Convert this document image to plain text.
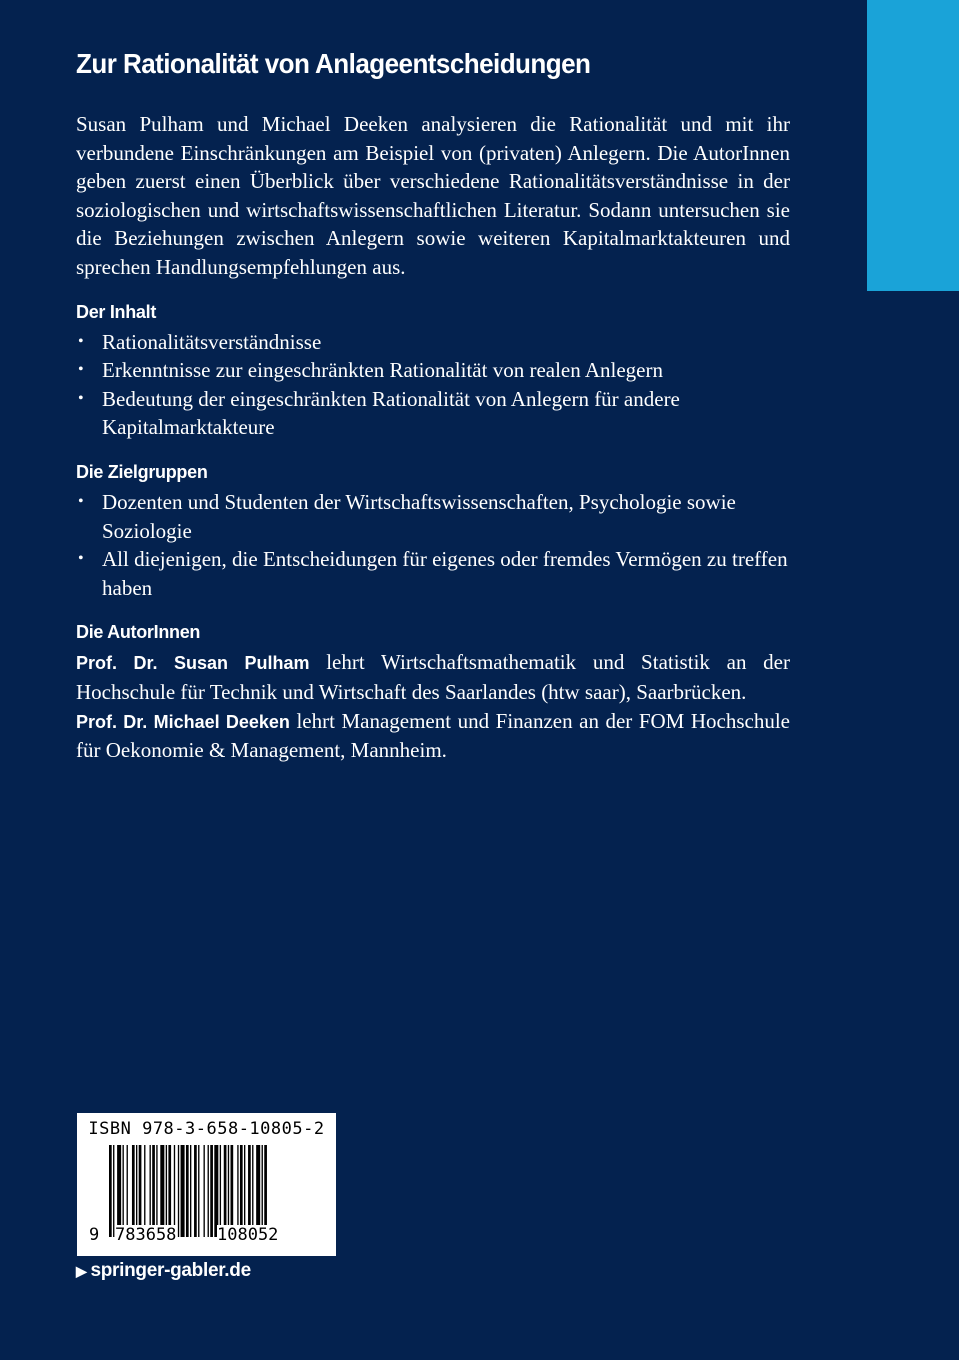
Zur Rationalität von Anlageentscheidungen

Susan Pulham und Michael Deeken analysieren die Rationalität und mit ihr verbundene Einschränkungen am Beispiel von (privaten) Anlegern. Die AutorInnen geben zuerst einen Überblick über verschiedene Rationalitätsverständnisse in der soziologischen und wirtschaftswissenschaftlichen Literatur. Sodann untersuchen sie die Beziehungen zwischen Anlegern sowie weiteren Kapitalmarktakteuren und sprechen Handlungsempfehlungen aus.

Der Inhalt
• Rationalitätsverständnisse
• Erkenntnisse zur eingeschränkten Rationalität von realen Anlegern
• Bedeutung der eingeschränkten Rationalität von Anlegern für andere Kapitalmarktakteure
Die Zielgruppen
• Dozenten und Studenten der Wirtschaftswissenschaften, Psychologie sowie Soziologie
• All diejenigen, die Entscheidungen für eigenes oder fremdes Vermögen zu treffen haben
Die AutorInnen

Prof. Dr. Susan Pulham lehrt Wirtschaftsmathematik und Statistik an der Hochschule für Technik und Wirtschaft des Saarlandes (htw saar), Saarbrücken.

Prof. Dr. Michael Deeken lehrt Management und Finanzen an der FOM Hochschule für Oekonomie & Management, Mannheim.

ISBN 978-3-658-10805-2
9 783658 108052
▶ springer-gabler.de
